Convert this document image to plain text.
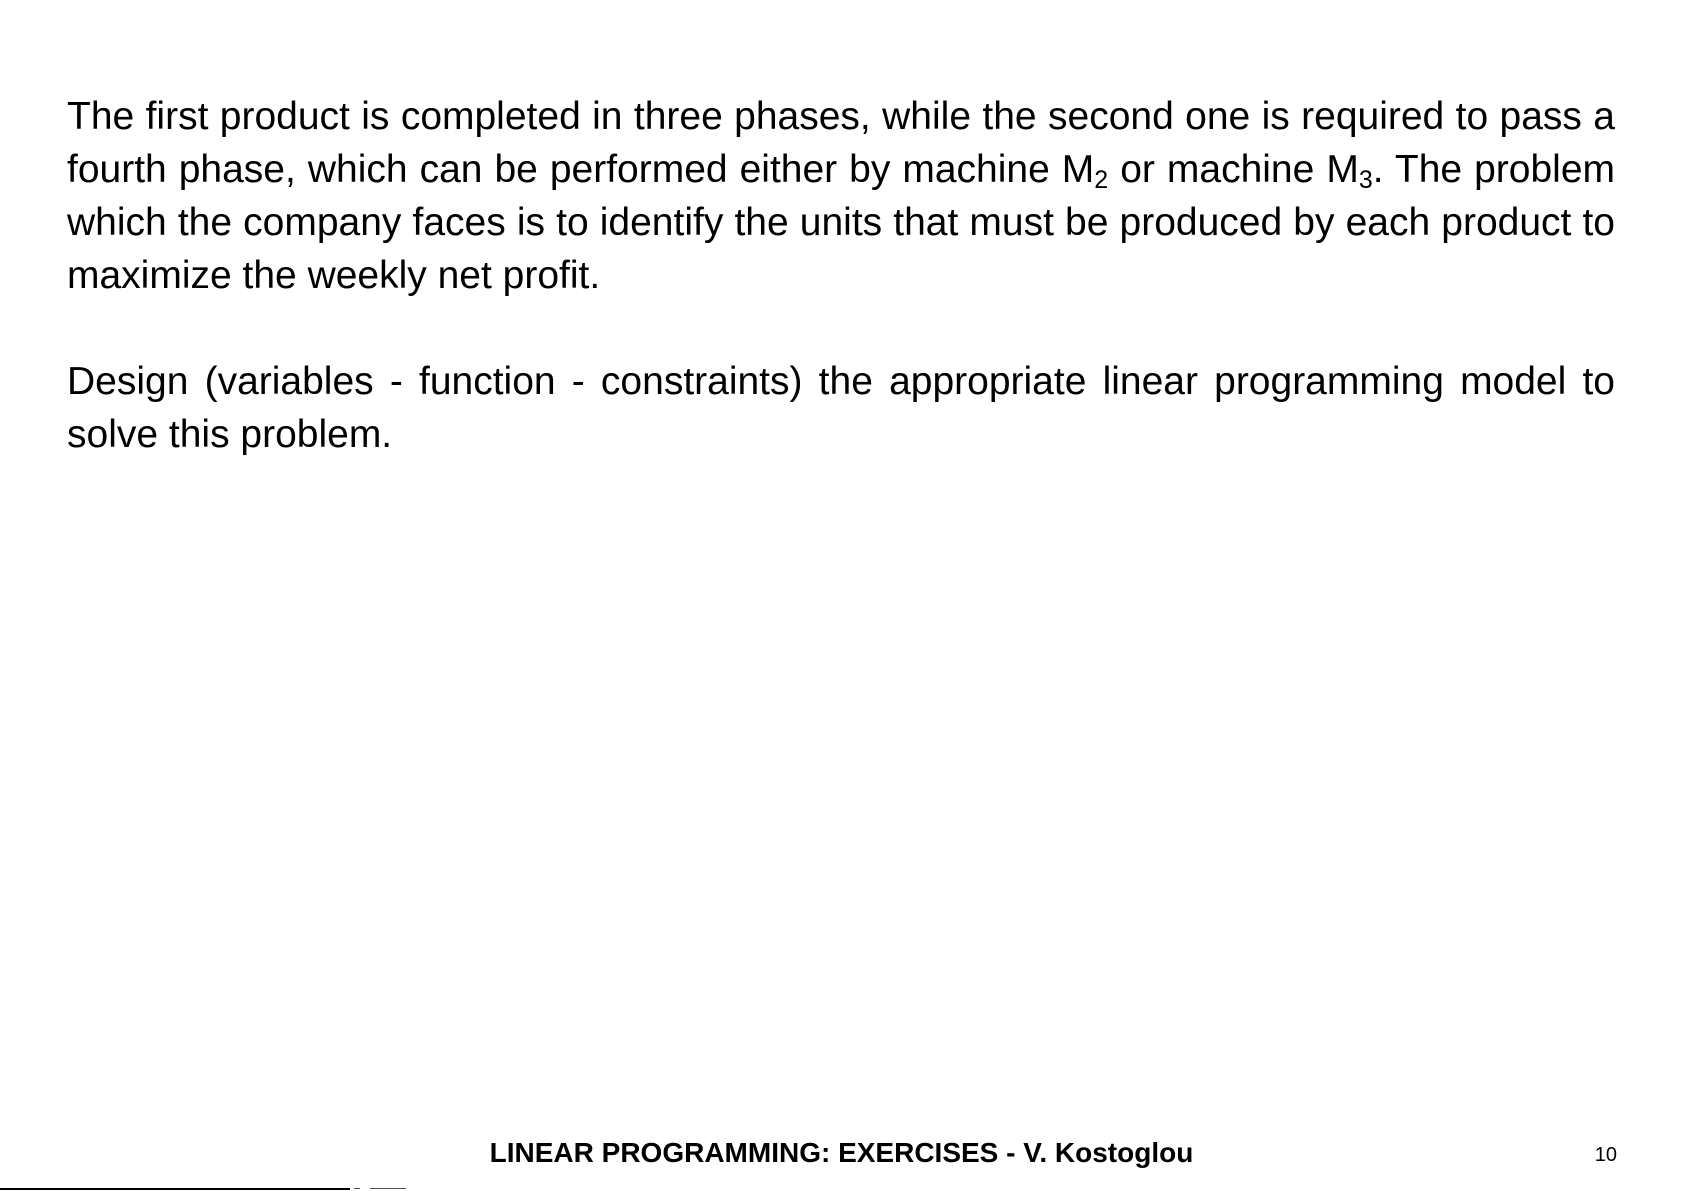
The first product is completed in three phases, while the second one is required to pass a fourth phase, which can be performed either by machine $M_2$ or machine $M_3$. The problem which the company faces is to identify the units that must be produced by each product to maximize the weekly net profit.

Design (variables - function - constraints) the appropriate linear programming model to solve this problem.

LINEAR PROGRAMMING: EXERCISES - V. Kostoglou	10
